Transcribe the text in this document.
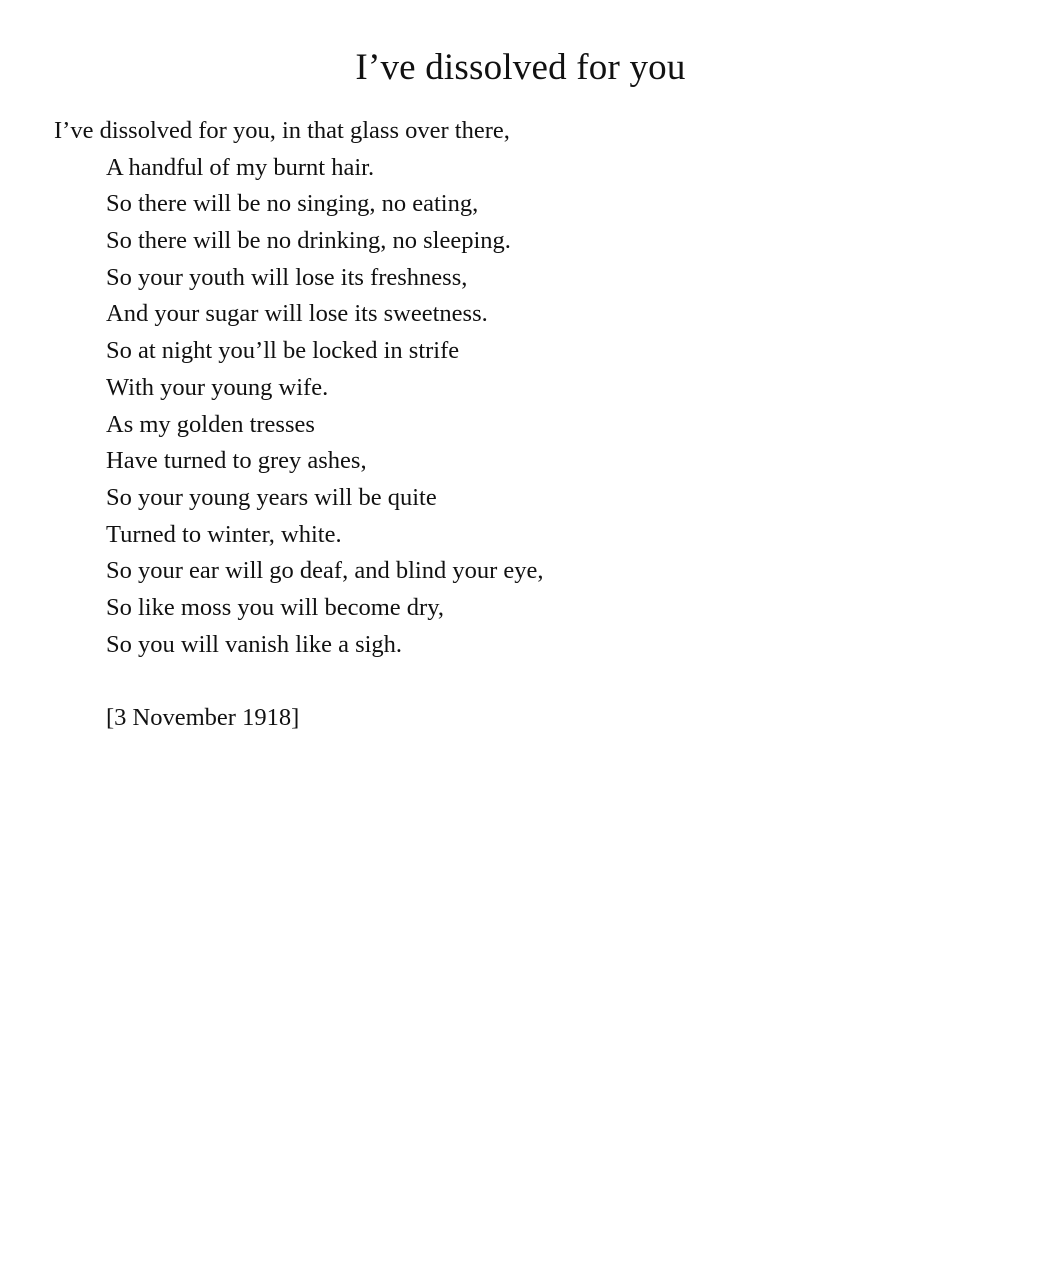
I’ve dissolved for you
I’ve dissolved for you, in that glass over there,
A handful of my burnt hair.
So there will be no singing, no eating,
So there will be no drinking, no sleeping.
So your youth will lose its freshness,
And your sugar will lose its sweetness.
So at night you’ll be locked in strife
With your young wife.
As my golden tresses
Have turned to grey ashes,
So your young years will be quite
Turned to winter, white.
So your ear will go deaf, and blind your eye,
So like moss you will become dry,
So you will vanish like a sigh.
[3 November 1918]
